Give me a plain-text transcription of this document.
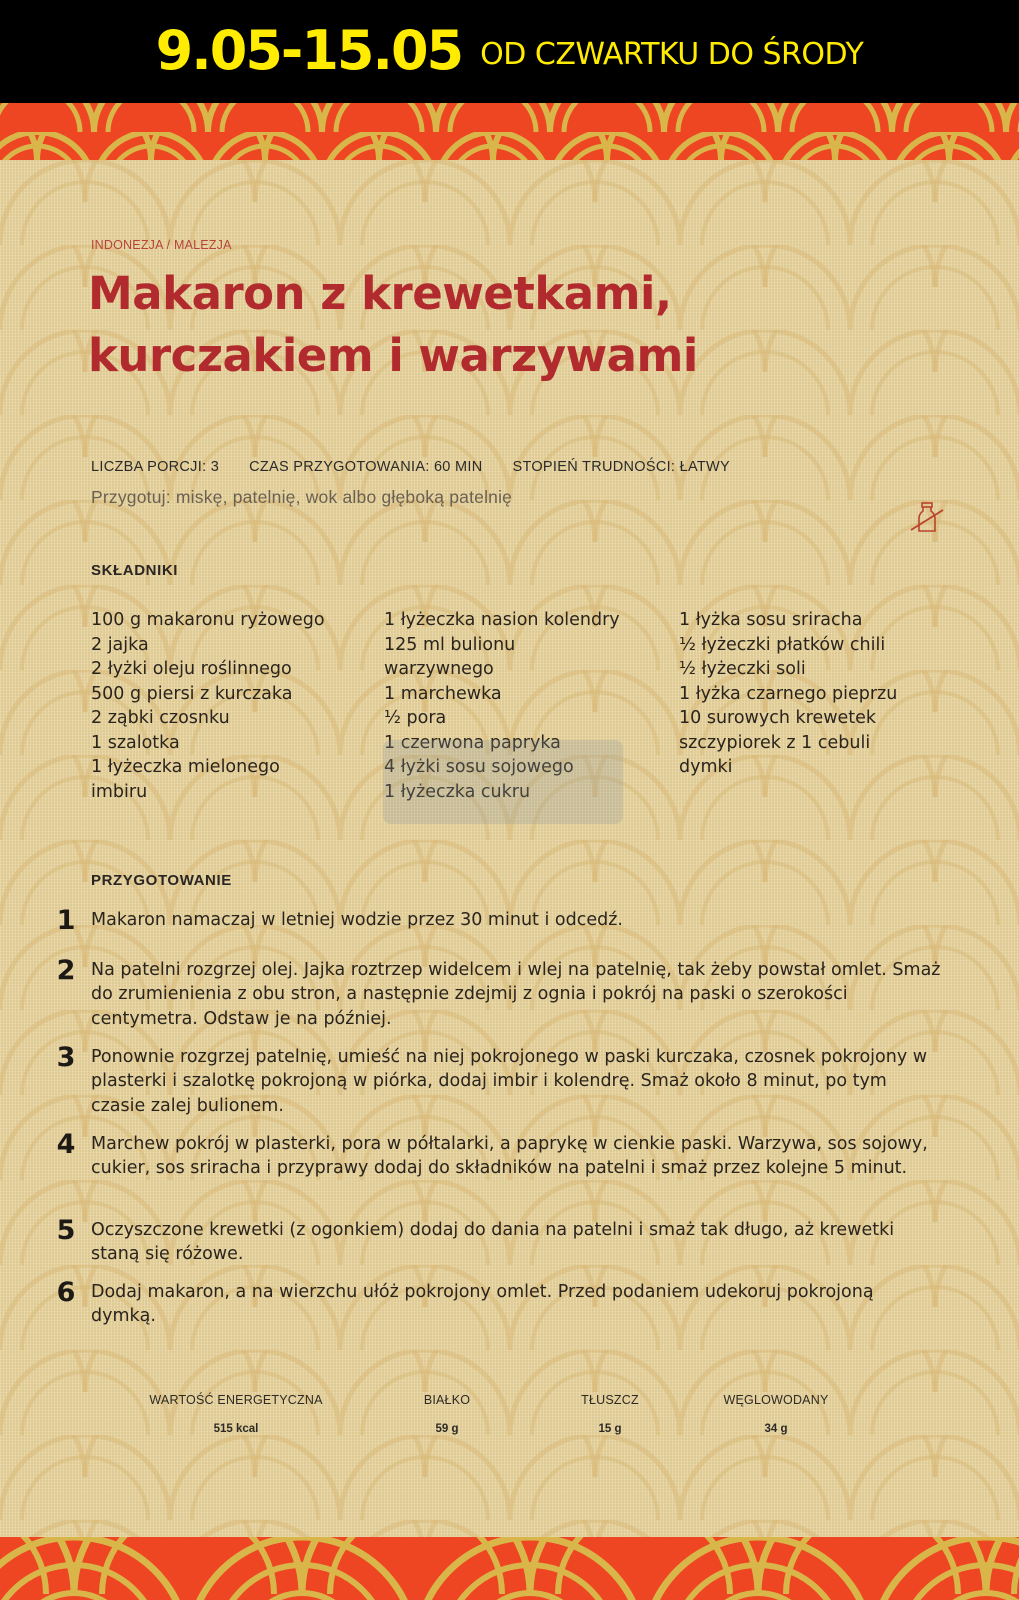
9.05-15.05 OD CZWARTKU DO ŚRODY
INDONEZJA / MALEZJA
Makaron z krewetkami,
kurczakiem i warzywami
LICZBA PORCJI: 3 CZAS PRZYGOTOWANIA: 60 MIN STOPIEŃ TRUDNOŚCI: ŁATWY
Przygotuj: miskę, patelnię, wok albo głęboką patelnię
SKŁADNIKI
100 g makaronu ryżowego
2 jajka
2 łyżki oleju roślinnego
500 g piersi z kurczaka
2 ząbki czosnku
1 szalotka
1 łyżeczka mielonego
imbiru
1 łyżeczka nasion kolendry
125 ml bulionu
warzywnego
1 marchewka
½ pora
1 czerwona papryka
4 łyżki sosu sojowego
1 łyżeczka cukru
1 łyżka sosu sriracha
½ łyżeczki płatków chili
½ łyżeczki soli
1 łyżka czarnego pieprzu
10 surowych krewetek
szczypiorek z 1 cebuli
dymki
PRZYGOTOWANIE
1 Makaron namaczaj w letniej wodzie przez 30 minut i odcedź.

2 Na patelni rozgrzej olej. Jajka roztrzep widelcem i wlej na patelnię, tak żeby powstał omlet. Smaż do zrumienienia z obu stron, a następnie zdejmij z ognia i pokrój na paski o szerokości centymetra. Odstaw je na później.

3 Ponownie rozgrzej patelnię, umieść na niej pokrojonego w paski kurczaka, czosnek pokrojony w plasterki i szalotkę pokrojoną w piórka, dodaj imbir i kolendrę. Smaż około 8 minut, po tym czasie zalej bulionem.

4 Marchew pokrój w plasterki, pora w półtalarki, a paprykę w cienkie paski. Warzywa, sos sojowy, cukier, sos sriracha i przyprawy dodaj do składników na patelni i smaż przez kolejne 5 minut.

5 Oczyszczone krewetki (z ogonkiem) dodaj do dania na patelni i smaż tak długo, aż krewetki staną się różowe.

6 Dodaj makaron, a na wierzchu ułóż pokrojony omlet. Przed podaniem udekoruj pokrojoną dymką.

WARTOŚĆ ENERGETYCZNA
515 kcal
BIAŁKO
59 g
TŁUSZCZ
15 g
WĘGLOWODANY
34 g
